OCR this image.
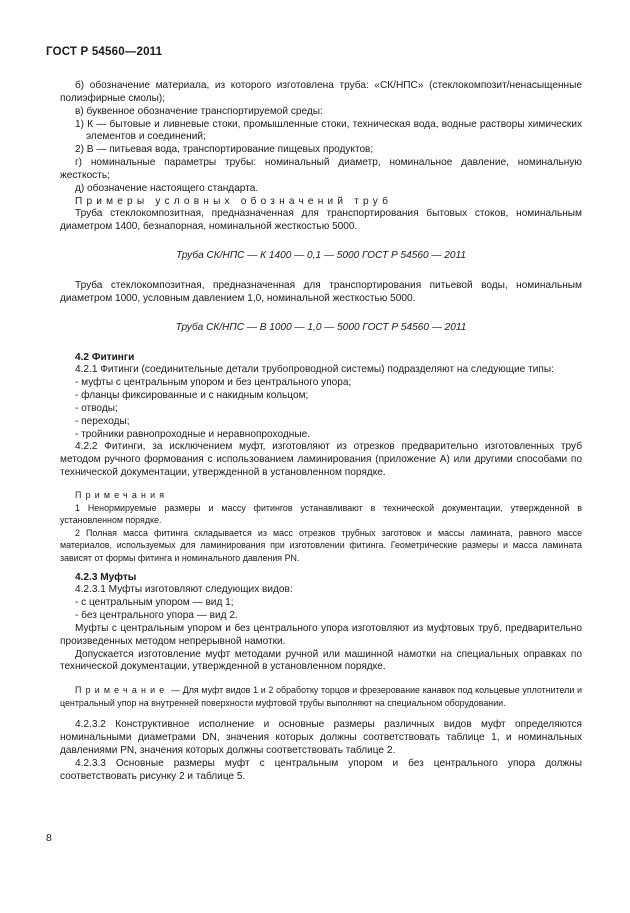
ГОСТ Р 54560—2011

б) обозначение материала, из которого изготовлена труба: «СК/НПС» (стеклокомпозит/ненасыщенные полиэфирные смолы);

в) буквенное обозначение транспортируемой среды:

1) К — бытовые и ливневые стоки, промышленные стоки, техническая вода, водные растворы химических элементов и соединений;

2) В — питьевая вода, транспортирование пищевых продуктов;

г) номинальные параметры трубы: номинальный диаметр, номинальное давление, номинальную жесткость;

д) обозначение настоящего стандарта.

Примеры условных обозначений труб

Труба стеклокомпозитная, предназначенная для транспортирования бытовых стоков, номинальным диаметром 1400, безнапорная, номинальной жесткостью 5000.

Труба СК/НПС — К 1400 — 0,1 — 5000 ГОСТ Р 54560 — 2011

Труба стеклокомпозитная, предназначенная для транспортирования питьевой воды, номинальным диаметром 1000, условным давлением 1,0, номинальной жесткостью 5000.

Труба СК/НПС — В 1000 — 1,0 — 5000 ГОСТ Р 54560 — 2011

4.2 Фитинги

4.2.1 Фитинги (соединительные детали трубопроводной системы) подразделяют на следующие типы:

- муфты с центральным упором и без центрального упора;

- фланцы фиксированные и с накидным кольцом;

- отводы;

- переходы;

- тройники равнопроходные и неравнопроходные.

4.2.2 Фитинги, за исключением муфт, изготовляют из отрезков предварительно изготовленных труб методом ручного формования с использованием ламинирования (приложение А) или другими способами по технической документации, утвержденной в установленном порядке.

Примечания

1 Ненормируемые размеры и массу фитингов устанавливают в технической документации, утвержденной в установленном порядке.

2 Полная масса фитинга складывается из масс отрезков трубных заготовок и массы ламината, равного массе материалов, используемых для ламинирования при изготовлении фитинга. Геометрические размеры и масса ламината зависят от формы фитинга и номинального давления PN.

4.2.3 Муфты

4.2.3.1 Муфты изготовляют следующих видов:

- с центральным упором — вид 1;

- без центрального упора — вид 2.

Муфты с центральным упором и без центрального упора изготовляют из муфтовых труб, предварительно произведенных методом непрерывной намотки.

Допускается изготовление муфт методами ручной или машинной намотки на специальных оправках по технической документации, утвержденной в установленном порядке.

Примечание — Для муфт видов 1 и 2 обработку торцов и фрезерование канавок под кольцевые уплотнители и центральный упор на внутренней поверхности муфтовой трубы выполняют на специальном оборудовании.

4.2.3.2 Конструктивное исполнение и основные размеры различных видов муфт определяются номинальными диаметрами DN, значения которых должны соответствовать таблице 1, и номинальных давлениями PN, значения которых должны соответствовать таблице 2.

4.2.3.3 Основные размеры муфт с центральным упором и без центрального упора должны соответствовать рисунку 2 и таблице 5.

8
